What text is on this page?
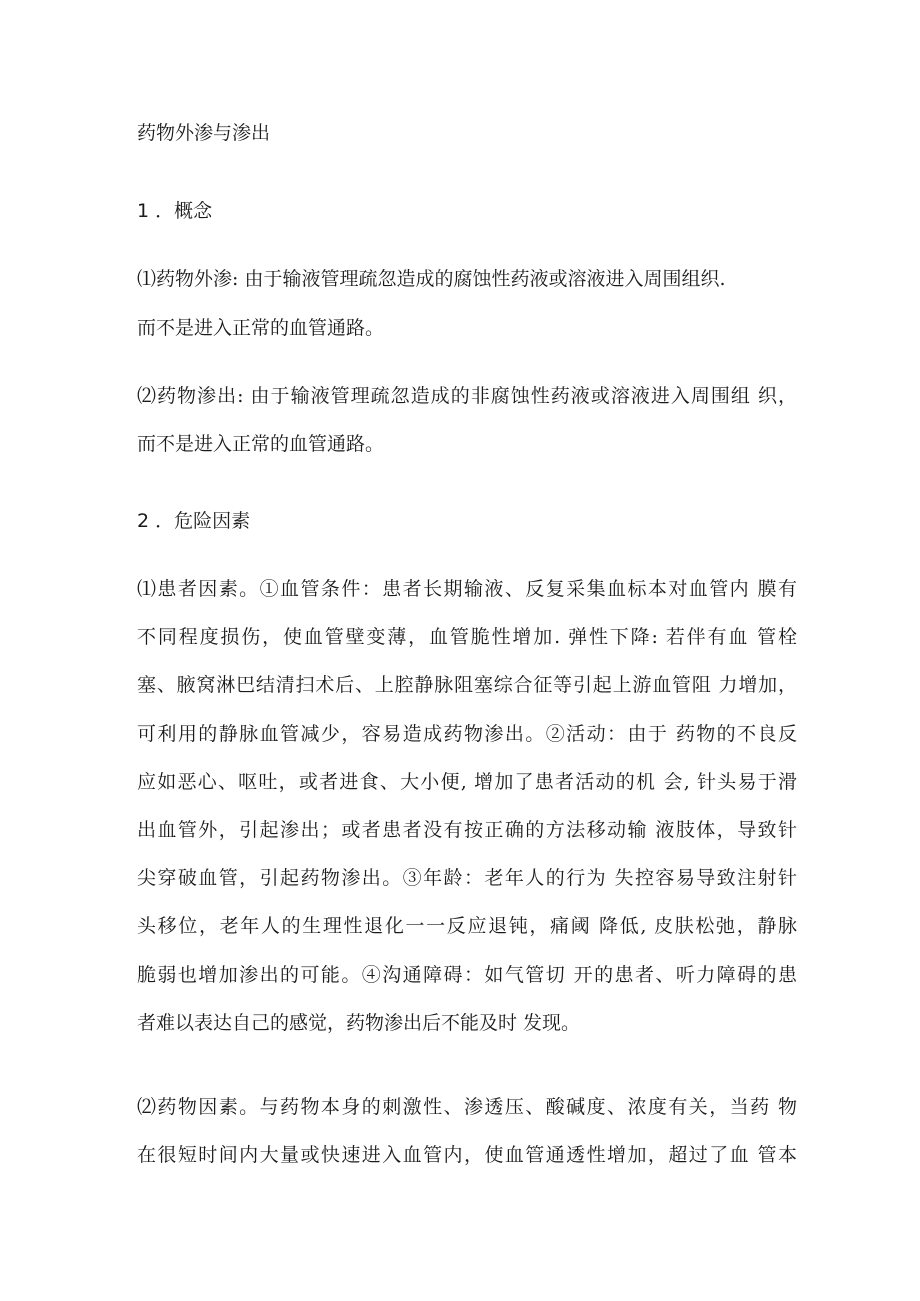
药物外渗与渗出
1 ．概念
⑴药物外渗: 由于输液管理疏忽造成的腐蚀性药液或溶液进入周围组织.
而不是进入正常的血管通路。
⑵药物渗出: 由于输液管理疏忽造成的非腐蚀性药液或溶液进入周围组 织，
而不是进入正常的血管通路。
2 ．危险因素
⑴患者因素。①血管条件：患者长期输液、反复采集血标本对血管内 膜有
不同程度损伤，使血管壁变薄，血管脆性增加. 弹性下降: 若伴有血 管栓
塞、腋窝淋巴结清扫术后、上腔静脉阻塞综合征等引起上游血管阻 力增加，
可利用的静脉血管减少，容易造成药物渗出。②活动：由于 药物的不良反
应如恶心、呕吐，或者进食、大小便, 增加了患者活动的机 会, 针头易于滑
出血管外，引起渗出；或者患者没有按正确的方法移动输 液肢体，导致针
尖穿破血管，引起药物渗出。③年龄：老年人的行为 失控容易导致注射针
头移位，老年人的生理性退化一一反应退钝，痛阈 降低, 皮肤松弛，静脉
脆弱也增加渗出的可能。④沟通障碍：如气管切 开的患者、听力障碍的患
者难以表达自己的感觉，药物渗出后不能及时 发现。
⑵药物因素。与药物本身的刺激性、渗透压、酸碱度、浓度有关，当药 物
在很短时间内大量或快速进入血管内，使血管通透性增加，超过了血 管本
